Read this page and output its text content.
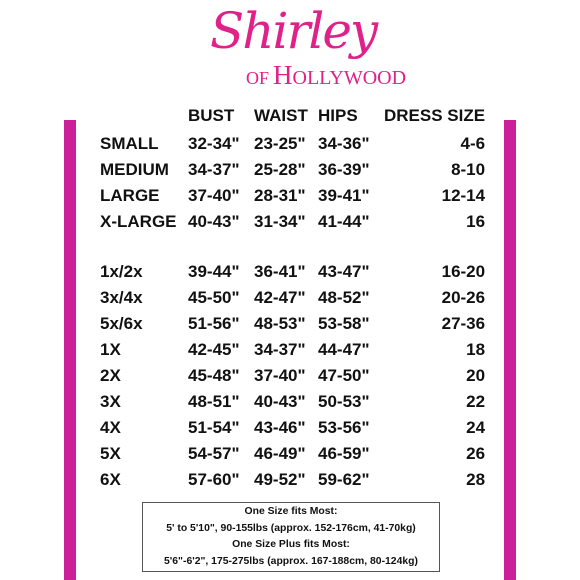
Shirley
OF HOLLYWOOD
	BUST	WAIST	HIPS	DRESS SIZE
SMALL	32-34"	23-25"	34-36"	4-6
MEDIUM	34-37"	25-28"	36-39"	8-10
LARGE	37-40"	28-31"	39-41"	12-14
X-LARGE	40-43"	31-34"	41-44"	16

1x/2x	39-44"	36-41"	43-47"	16-20
3x/4x	45-50"	42-47"	48-52"	20-26
5x/6x	51-56"	48-53"	53-58"	27-36
1X	42-45"	34-37"	44-47"	18
2X	45-48"	37-40"	47-50"	20
3X	48-51"	40-43"	50-53"	22
4X	51-54"	43-46"	53-56"	24
5X	54-57"	46-49"	46-59"	26
6X	57-60"	49-52"	59-62"	28
One Size fits Most:
5' to 5'10", 90-155lbs (approx. 152-176cm, 41-70kg)
One Size Plus fits Most:
5'6"-6'2", 175-275lbs (approx. 167-188cm, 80-124kg)
